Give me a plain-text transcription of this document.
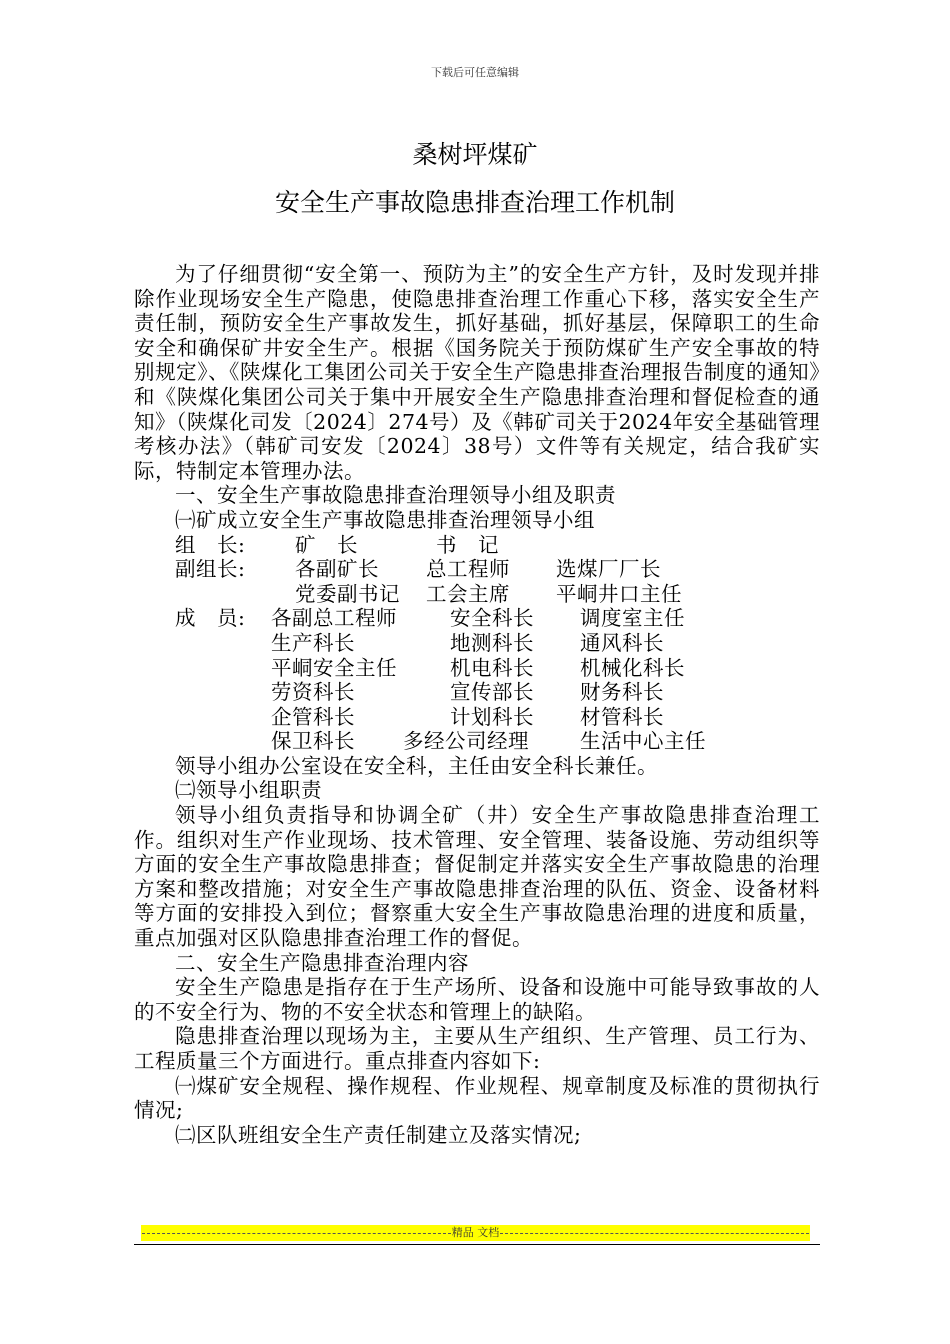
下载后可任意编辑
桑树坪煤矿
安全生产事故隐患排查治理工作机制

为了仔细贯彻“安全第一、预防为主”的安全生产方针，及时发现并排除作业现场安全生产隐患，使隐患排查治理工作重心下移，落实安全生产责任制，预防安全生产事故发生，抓好基础，抓好基层，保障职工的生命安全和确保矿井安全生产。根据《国务院关于预防煤矿生产安全事故的特别规定》、《陕煤化工集团公司关于安全生产隐患排查治理报告制度的通知》和《陕煤化集团公司关于集中开展安全生产隐患排查治理和督促检查的通知》（陕煤化司发〔2024〕274号）及《韩矿司关于2024年安全基础管理考核办法》（韩矿司安发〔2024〕38号）文件等有关规定，结合我矿实际，特制定本管理办法。

一、安全生产事故隐患排查治理领导小组及职责

㈠矿成立安全生产事故隐患排查治理领导小组

组　长:	矿　长	书　记
副组长:	各副矿长	总工程师	选煤厂厂长
党委副书记	工会主席	平峒井口主任
成　员:	各副总工程师	安全科长	调度室主任
生产科长	地测科长	通风科长
平峒安全主任	机电科长	机械化科长
劳资科长	宣传部长	财务科长
企管科长	计划科长	材管科长
保卫科长	多经公司经理	生活中心主任

领导小组办公室设在安全科，主任由安全科长兼任。

㈡领导小组职责

领导小组负责指导和协调全矿（井）安全生产事故隐患排查治理工作。组织对生产作业现场、技术管理、安全管理、装备设施、劳动组织等方面的安全生产事故隐患排查；督促制定并落实安全生产事故隐患的治理方案和整改措施；对安全生产事故隐患排查治理的队伍、资金、设备材料等方面的安排投入到位；督察重大安全生产事故隐患治理的进度和质量，重点加强对区队隐患排查治理工作的督促。

二、安全生产隐患排查治理内容

安全生产隐患是指存在于生产场所、设备和设施中可能导致事故的人的不安全行为、物的不安全状态和管理上的缺陷。

隐患排查治理以现场为主，主要从生产组织、生产管理、员工行为、工程质量三个方面进行。重点排查内容如下:

㈠煤矿安全规程、操作规程、作业规程、规章制度及标准的贯彻执行情况;

㈡区队班组安全生产责任制建立及落实情况;

精品 文档
